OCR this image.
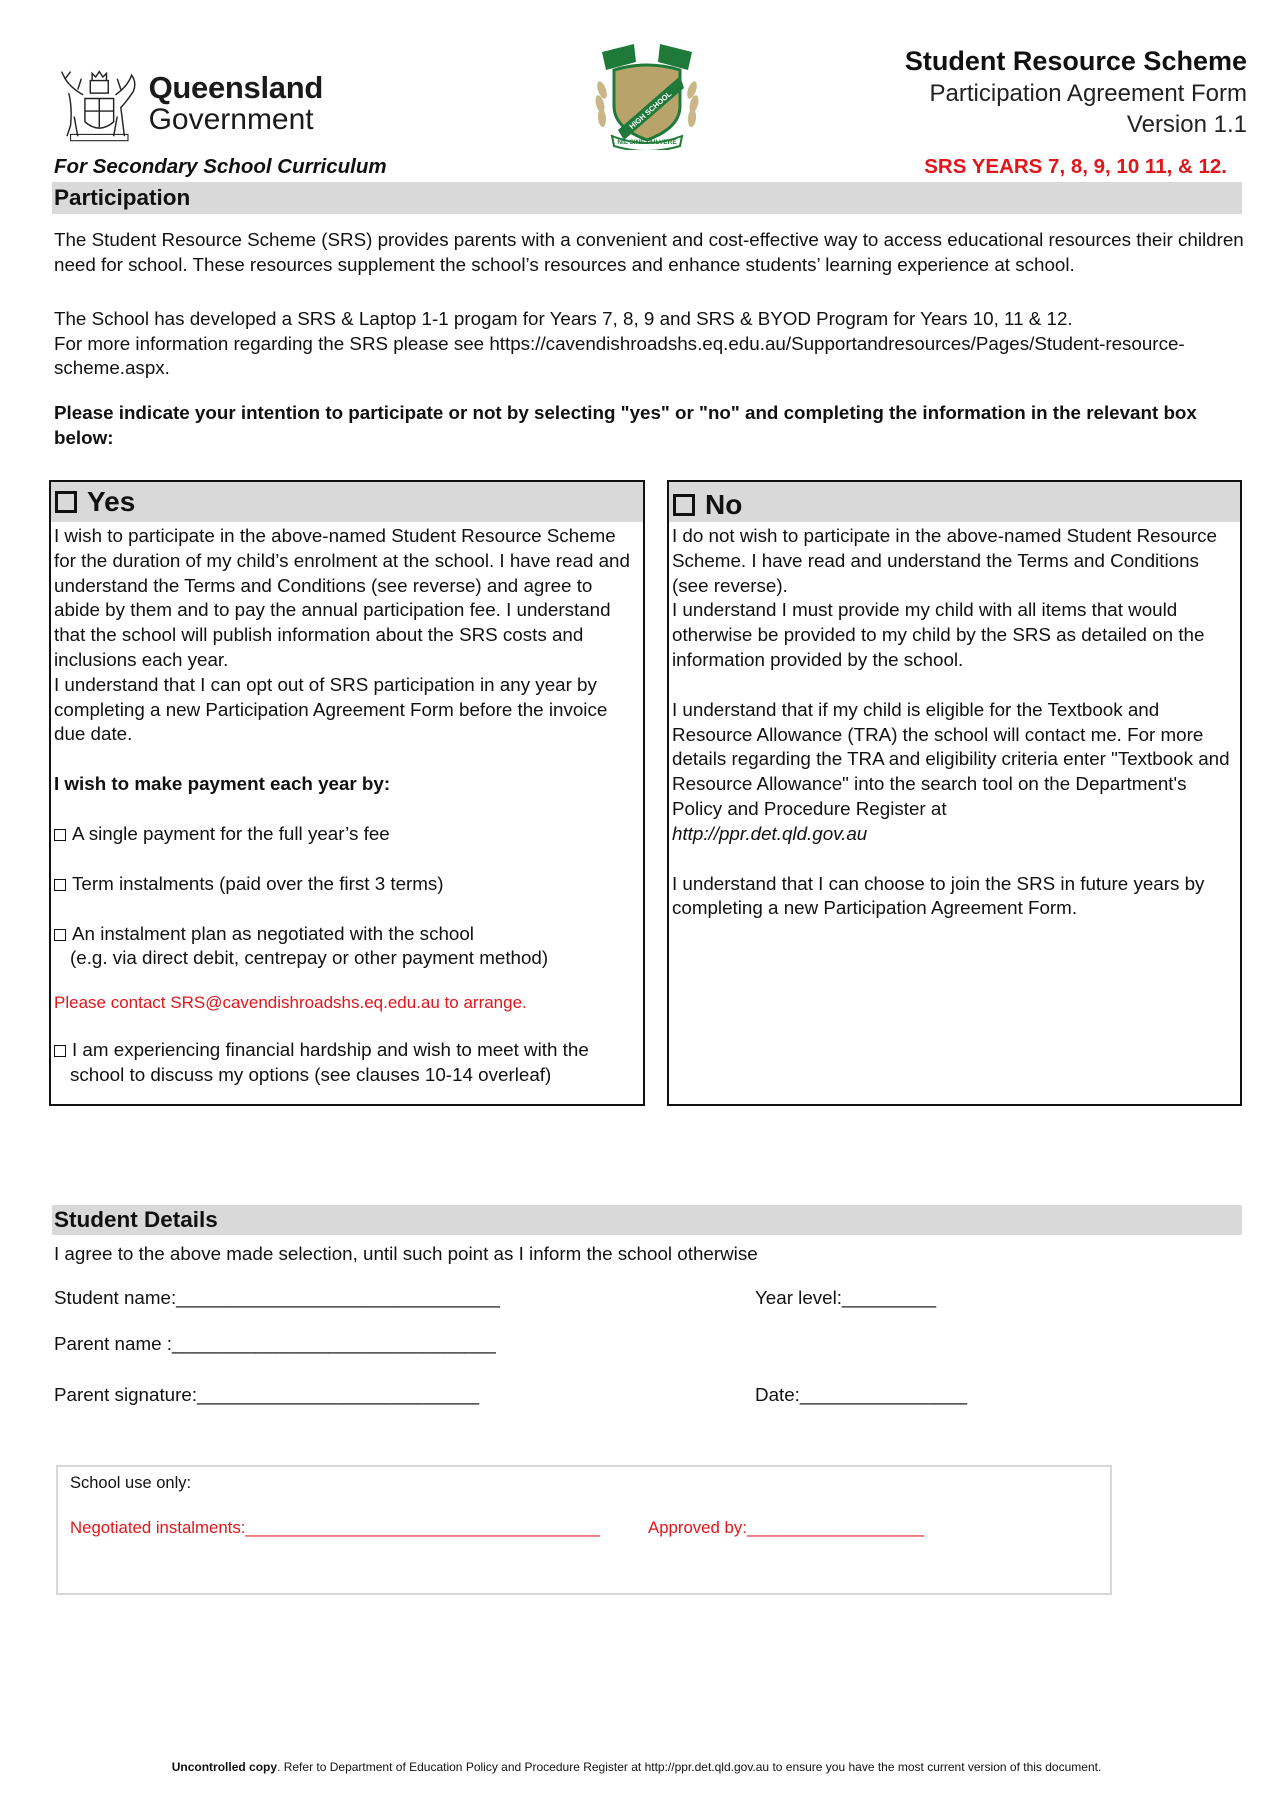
Queensland
Government
NIL SINE PULVERE
HIGH SCHOOL
Student Resource Scheme
Participation Agreement Form
Version 1.1
For Secondary School Curriculum	SRS YEARS 7, 8, 9, 10 11, & 12.
Participation
The Student Resource Scheme (SRS) provides parents with a convenient and cost-effective way to access educational resources their children need for school. These resources supplement the school’s resources and enhance students’ learning experience at school.
The School has developed a SRS & Laptop 1-1 progam for Years 7, 8, 9 and SRS & BYOD Program for Years 10, 11 & 12.
For more information regarding the SRS please see https://cavendishroadshs.eq.edu.au/Supportandresources/Pages/Student-resource-scheme.aspx.
Please indicate your intention to participate or not by selecting "yes" or "no" and completing the information in the relevant box below:
Yes

I wish to participate in the above-named Student Resource Scheme for the duration of my child’s enrolment at the school. I have read and understand the Terms and Conditions (see reverse) and agree to abide by them and to pay the annual participation fee. I understand that the school will publish information about the SRS costs and inclusions each year.

I understand that I can opt out of SRS participation in any year by completing a new Participation Agreement Form before the invoice due date.

I wish to make payment each year by:

A single payment for the full year’s fee

Term instalments (paid over the first 3 terms)

An instalment plan as negotiated with the school

(e.g. via direct debit, centrepay or other payment method)

Please contact SRS@cavendishroadshs.eq.edu.au to arrange.

I am experiencing financial hardship and wish to meet with the

school to discuss my options (see clauses 10-14 overleaf)

No

I do not wish to participate in the above-named Student Resource Scheme. I have read and understand the Terms and Conditions (see reverse).

I understand I must provide my child with all items that would otherwise be provided to my child by the SRS as detailed on the information provided by the school.

I understand that if my child is eligible for the Textbook and Resource Allowance (TRA) the school will contact me. For more details regarding the TRA and eligibility criteria enter "Textbook and Resource Allowance" into the search tool on the Department's Policy and Procedure Register at

http://ppr.det.qld.gov.au

I understand that I can choose to join the SRS in future years by completing a new Participation Agreement Form.

Student Details
I agree to the above made selection, until such point as I inform the school otherwise
Student name:_______________________________	Year level:_________
Parent name :_______________________________
Parent signature:___________________________	Date:________________
School use only:
Negotiated instalments:______________________________________	Approved by:___________________
Uncontrolled copy. Refer to Department of Education Policy and Procedure Register at http://ppr.det.qld.gov.au to ensure you have the most current version of this document.
